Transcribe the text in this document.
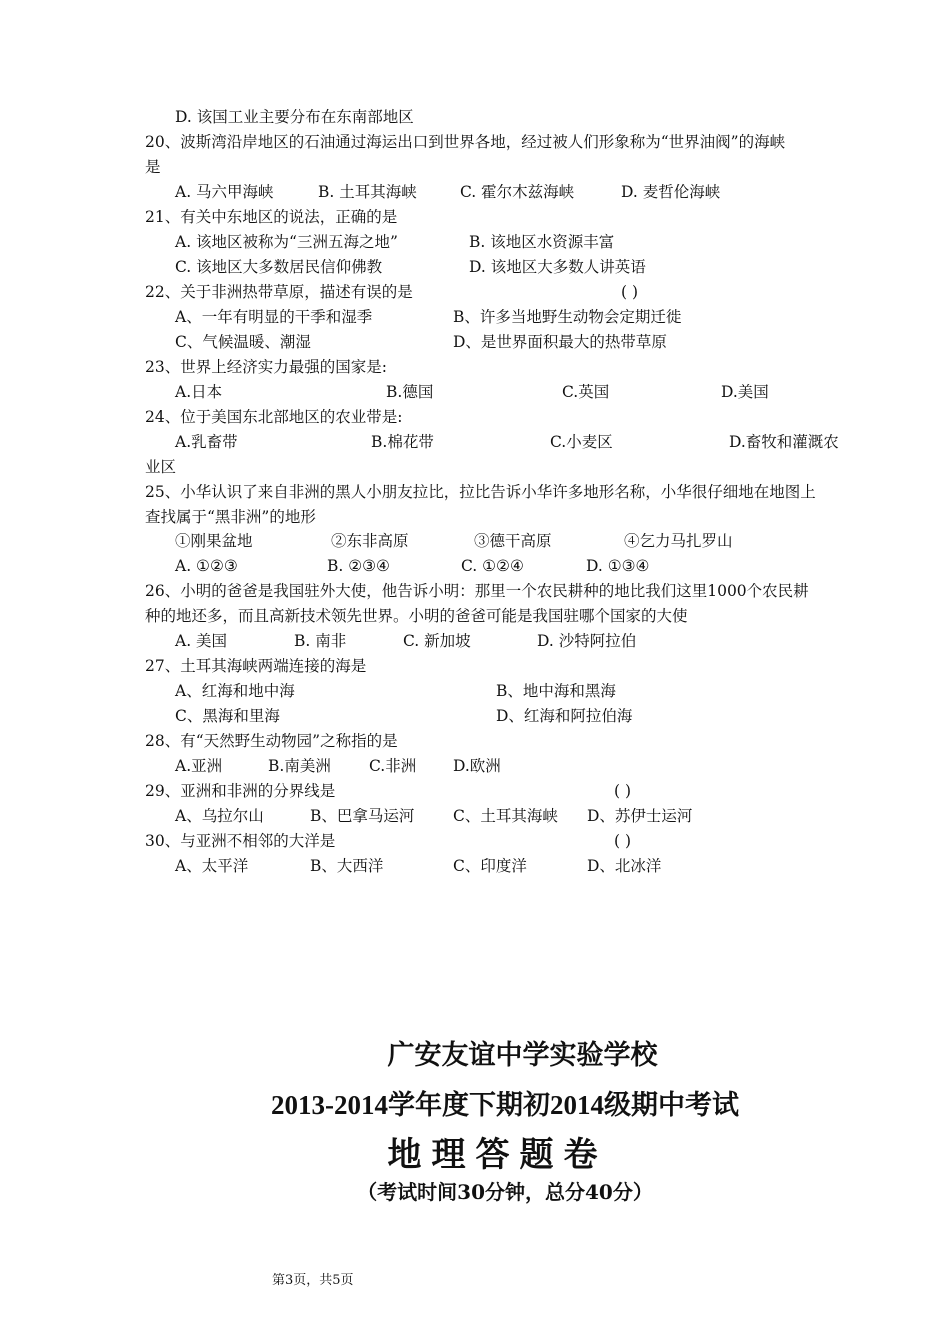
D. 该国工业主要分布在东南部地区
20、波斯湾沿岸地区的石油通过海运出口到世界各地，经过被人们形象称为“世界油阀”的海峡
是
A. 马六甲海峡	B. 土耳其海峡	C. 霍尔木兹海峡	D. 麦哲伦海峡
21、有关中东地区的说法，正确的是
A. 该地区被称为“三洲五海之地”	B. 该地区水资源丰富
C. 该地区大多数居民信仰佛教	D. 该地区大多数人讲英语
22、关于非洲热带草原，描述有误的是	( )
A、一年有明显的干季和湿季	B、许多当地野生动物会定期迁徙
C、气候温暖、潮湿	D、是世界面积最大的热带草原
23、世界上经济实力最强的国家是:
A.日本	B.德国	C.英国	D.美国
24、位于美国东北部地区的农业带是:
A.乳畜带	B.棉花带	C.小麦区	D.畜牧和灌溉农
业区
25、小华认识了来自非洲的黑人小朋友拉比，拉比告诉小华许多地形名称，小华很仔细地在地图上
查找属于“黑非洲”的地形
①刚果盆地	②东非高原	③德干高原	④乞力马扎罗山
A. ①②③	B. ②③④	C. ①②④	D. ①③④
26、小明的爸爸是我国驻外大使，他告诉小明：那里一个农民耕种的地比我们这里1000个农民耕
种的地还多，而且高新技术领先世界。小明的爸爸可能是我国驻哪个国家的大使
A. 美国	B. 南非	C. 新加坡	D. 沙特阿拉伯
27、土耳其海峡两端连接的海是
A、红海和地中海	B、地中海和黑海
C、黑海和里海	D、红海和阿拉伯海
28、有“天然野生动物园”之称指的是
A.亚洲	B.南美洲 C.非洲 D.欧洲
29、亚洲和非洲的分界线是	( )
A、乌拉尔山	B、巴拿马运河 C、土耳其海峡 D、苏伊士运河
30、与亚洲不相邻的大洋是	( )
A、太平洋	B、大西洋	C、印度洋	D、北冰洋
广安友谊中学实验学校
2013-2014学年度下期初2014级期中考试
地理答题卷
（考试时间30分钟，总分40分）
第3页，共5页
